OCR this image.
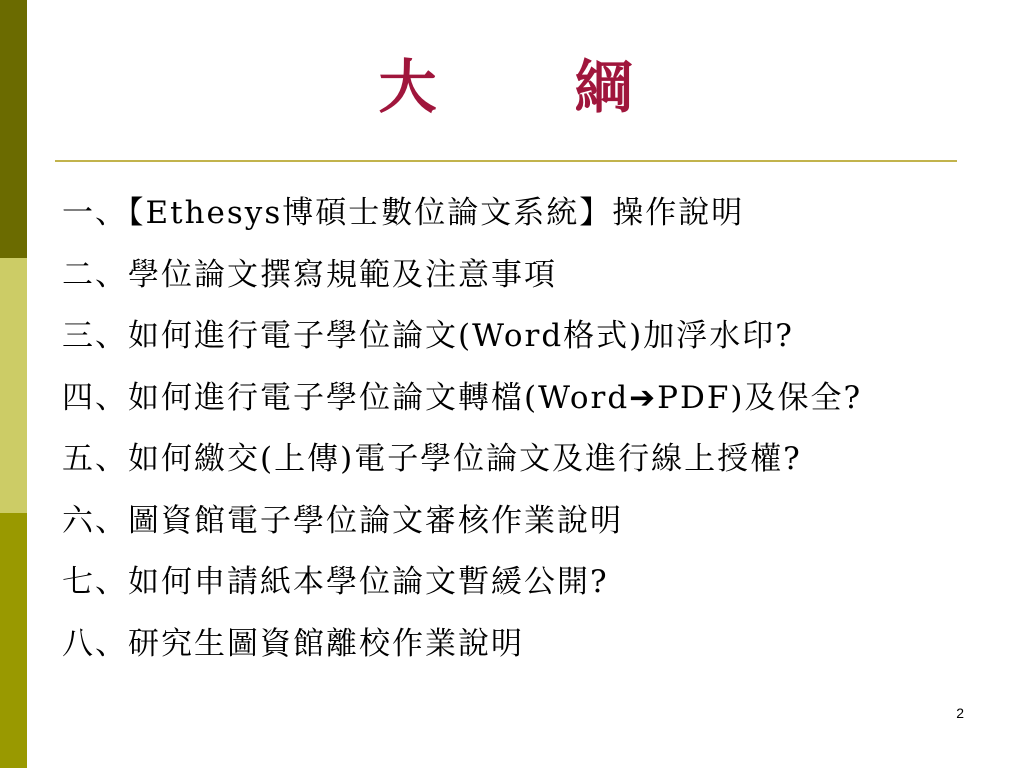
大　綱
一、【Ethesys博碩士數位論文系統】操作說明
二、學位論文撰寫規範及注意事項
三、如何進行電子學位論文(Word格式)加浮水印?
四、如何進行電子學位論文轉檔(Word➔PDF)及保全?
五、如何繳交(上傳)電子學位論文及進行線上授權?
六、圖資館電子學位論文審核作業說明
七、如何申請紙本學位論文暫緩公開?
八、研究生圖資館離校作業說明
2
